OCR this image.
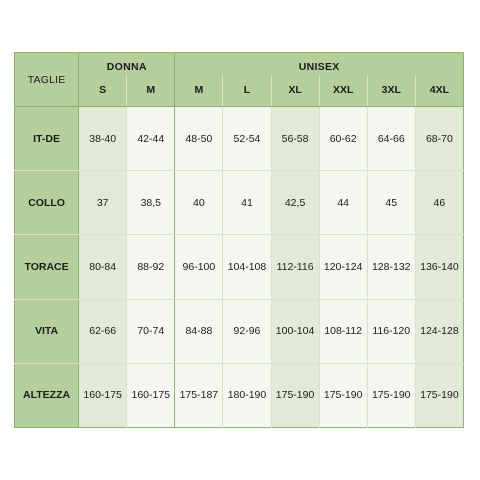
TAGLIE	DONNA		UNISEX					
	S	M	M	L	XL	XXL	3XL	4XL
IT-DE	38-40	42-44	48-50	52-54	56-58	60-62	64-66	68-70
COLLO	37	38,5	40	41	42,5	44	45	46
TORACE	80-84	88-92	96-100	104-108	112-116	120-124	128-132	136-140
VITA	62-66	70-74	84-88	92-96	100-104	108-112	116-120	124-128
ALTEZZA	160-175	160-175	175-187	180-190	175-190	175-190	175-190	175-190
